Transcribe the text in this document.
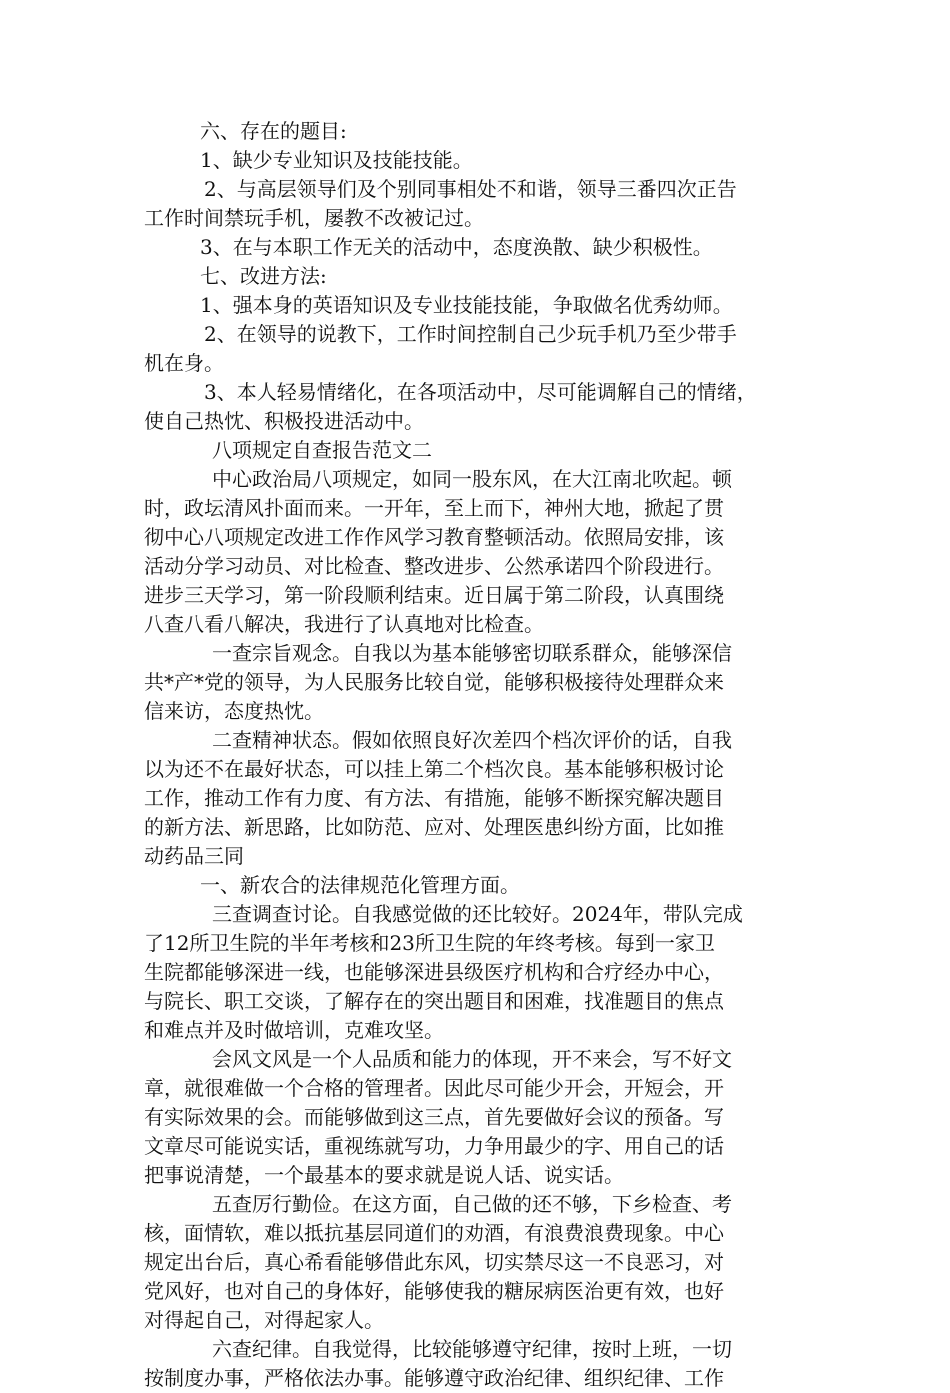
六、存在的题目:
1、缺少专业知识及技能技能。
2、与高层领导们及个别同事相处不和谐，领导三番四次正告
工作时间禁玩手机，屡教不改被记过。
3、在与本职工作无关的活动中，态度涣散、缺少积极性。
七、改进方法:
1、强本身的英语知识及专业技能技能，争取做名优秀幼师。
2、在领导的说教下，工作时间控制自己少玩手机乃至少带手
机在身。
3、本人轻易情绪化，在各项活动中，尽可能调解自己的情绪，
使自己热忱、积极投进活动中。
八项规定自查报告范文二
中心政治局八项规定，如同一股东风，在大江南北吹起。顿
时，政坛清风扑面而来。一开年，至上而下，神州大地，掀起了贯
彻中心八项规定改进工作作风学习教育整顿活动。依照局安排，该
活动分学习动员、对比检查、整改进步、公然承诺四个阶段进行。
进步三天学习，第一阶段顺利结束。近日属于第二阶段，认真围绕
八查八看八解决，我进行了认真地对比检查。
一查宗旨观念。自我以为基本能够密切联系群众，能够深信
共*产*党的领导，为人民服务比较自觉，能够积极接待处理群众来
信来访，态度热忱。
二查精神状态。假如依照良好次差四个档次评价的话，自我
以为还不在最好状态，可以挂上第二个档次良。基本能够积极讨论
工作，推动工作有力度、有方法、有措施，能够不断探究解决题目
的新方法、新思路，比如防范、应对、处理医患纠纷方面，比如推
动药品三同
一、新农合的法律规范化管理方面。
三查调查讨论。自我感觉做的还比较好。2024年，带队完成
了12所卫生院的半年考核和23所卫生院的年终考核。每到一家卫
生院都能够深进一线，也能够深进县级医疗机构和合疗经办中心，
与院长、职工交谈，了解存在的突出题目和困难，找准题目的焦点
和难点并及时做培训，克难攻坚。
会风文风是一个人品质和能力的体现，开不来会，写不好文
章，就很难做一个合格的管理者。因此尽可能少开会，开短会，开
有实际效果的会。而能够做到这三点，首先要做好会议的预备。写
文章尽可能说实话，重视练就写功，力争用最少的字、用自己的话
把事说清楚，一个最基本的要求就是说人话、说实话。
五查厉行勤俭。在这方面，自己做的还不够，下乡检查、考
核，面情软，难以抵抗基层同道们的劝酒，有浪费浪费现象。中心
规定出台后，真心希看能够借此东风，切实禁尽这一不良恶习，对
党风好，也对自己的身体好，能够使我的糖尿病医治更有效，也好
对得起自己，对得起家人。
六查纪律。自我觉得，比较能够遵守纪律，按时上班，一切
按制度办事，严格依法办事。能够遵守政治纪律、组织纪律、工作
